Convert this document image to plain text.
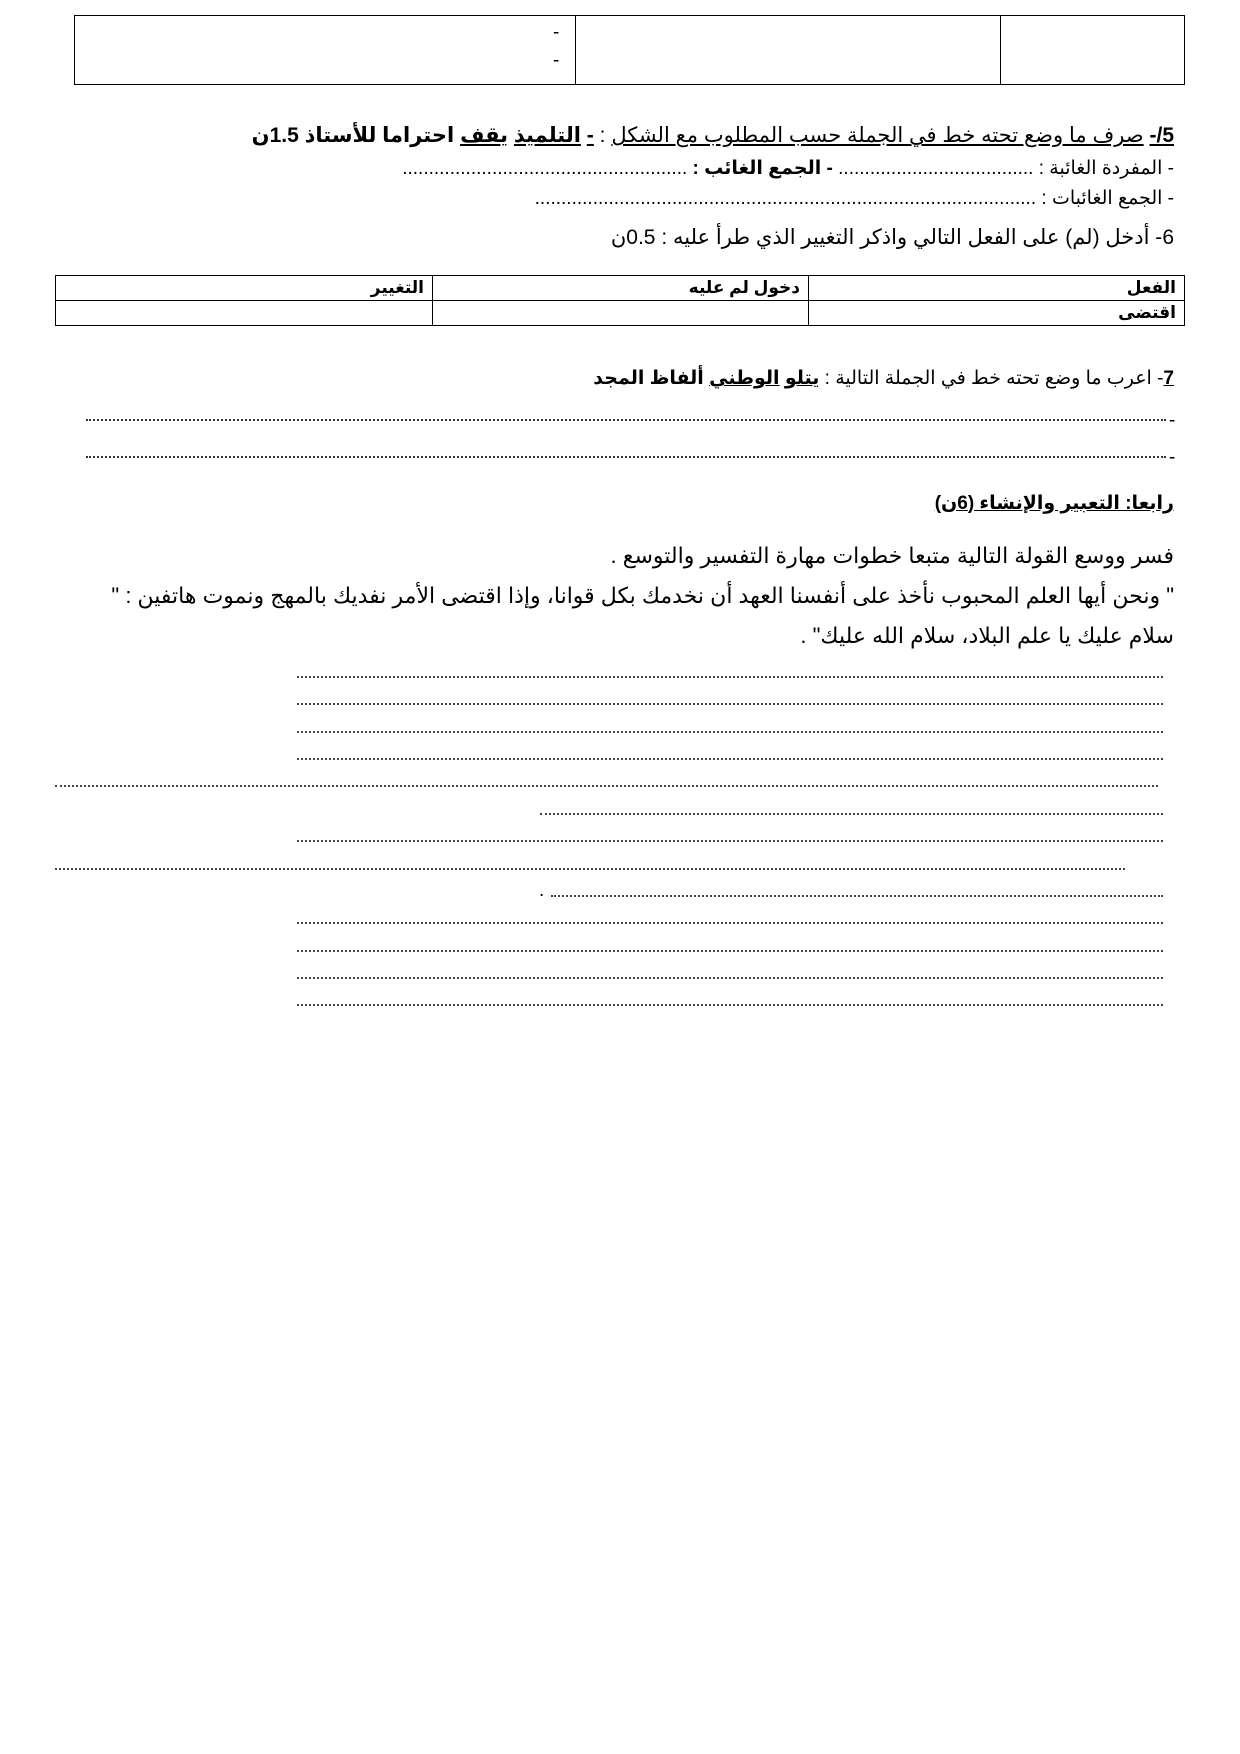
-
-
5/- صرف ما وضع تحته خط في الجملة حسب المطلوب مع الشكل : - التلميذ يقف احتراما للأستاذ 1.5ن
- المفردة الغائبة : ..................................... - الجمع الغائب : ......................................................
- الجمع الغائبات : ...............................................................................................
6- أدخل (لم) على الفعل التالي واذكر التغيير الذي طرأ عليه : 0.5ن
الفعل	دخول لم عليه	التغيير
اقتضى		
7- اعرب ما وضع تحته خط في الجملة التالية : يتلو الوطني ألفاظ المجد
-
-
رابعا: التعبير والإنشاء (6ن)
فسر ووسع القولة التالية متبعا خطوات مهارة التفسير والتوسع .
" ونحن أيها العلم المحبوب نأخذ على أنفسنا العهد أن نخدمك بكل قوانا، وإذا اقتضى الأمر نفديك بالمهج ونموت هاتفين : "
سلام عليك يا علم البلاد، سلام الله عليك" .
.
